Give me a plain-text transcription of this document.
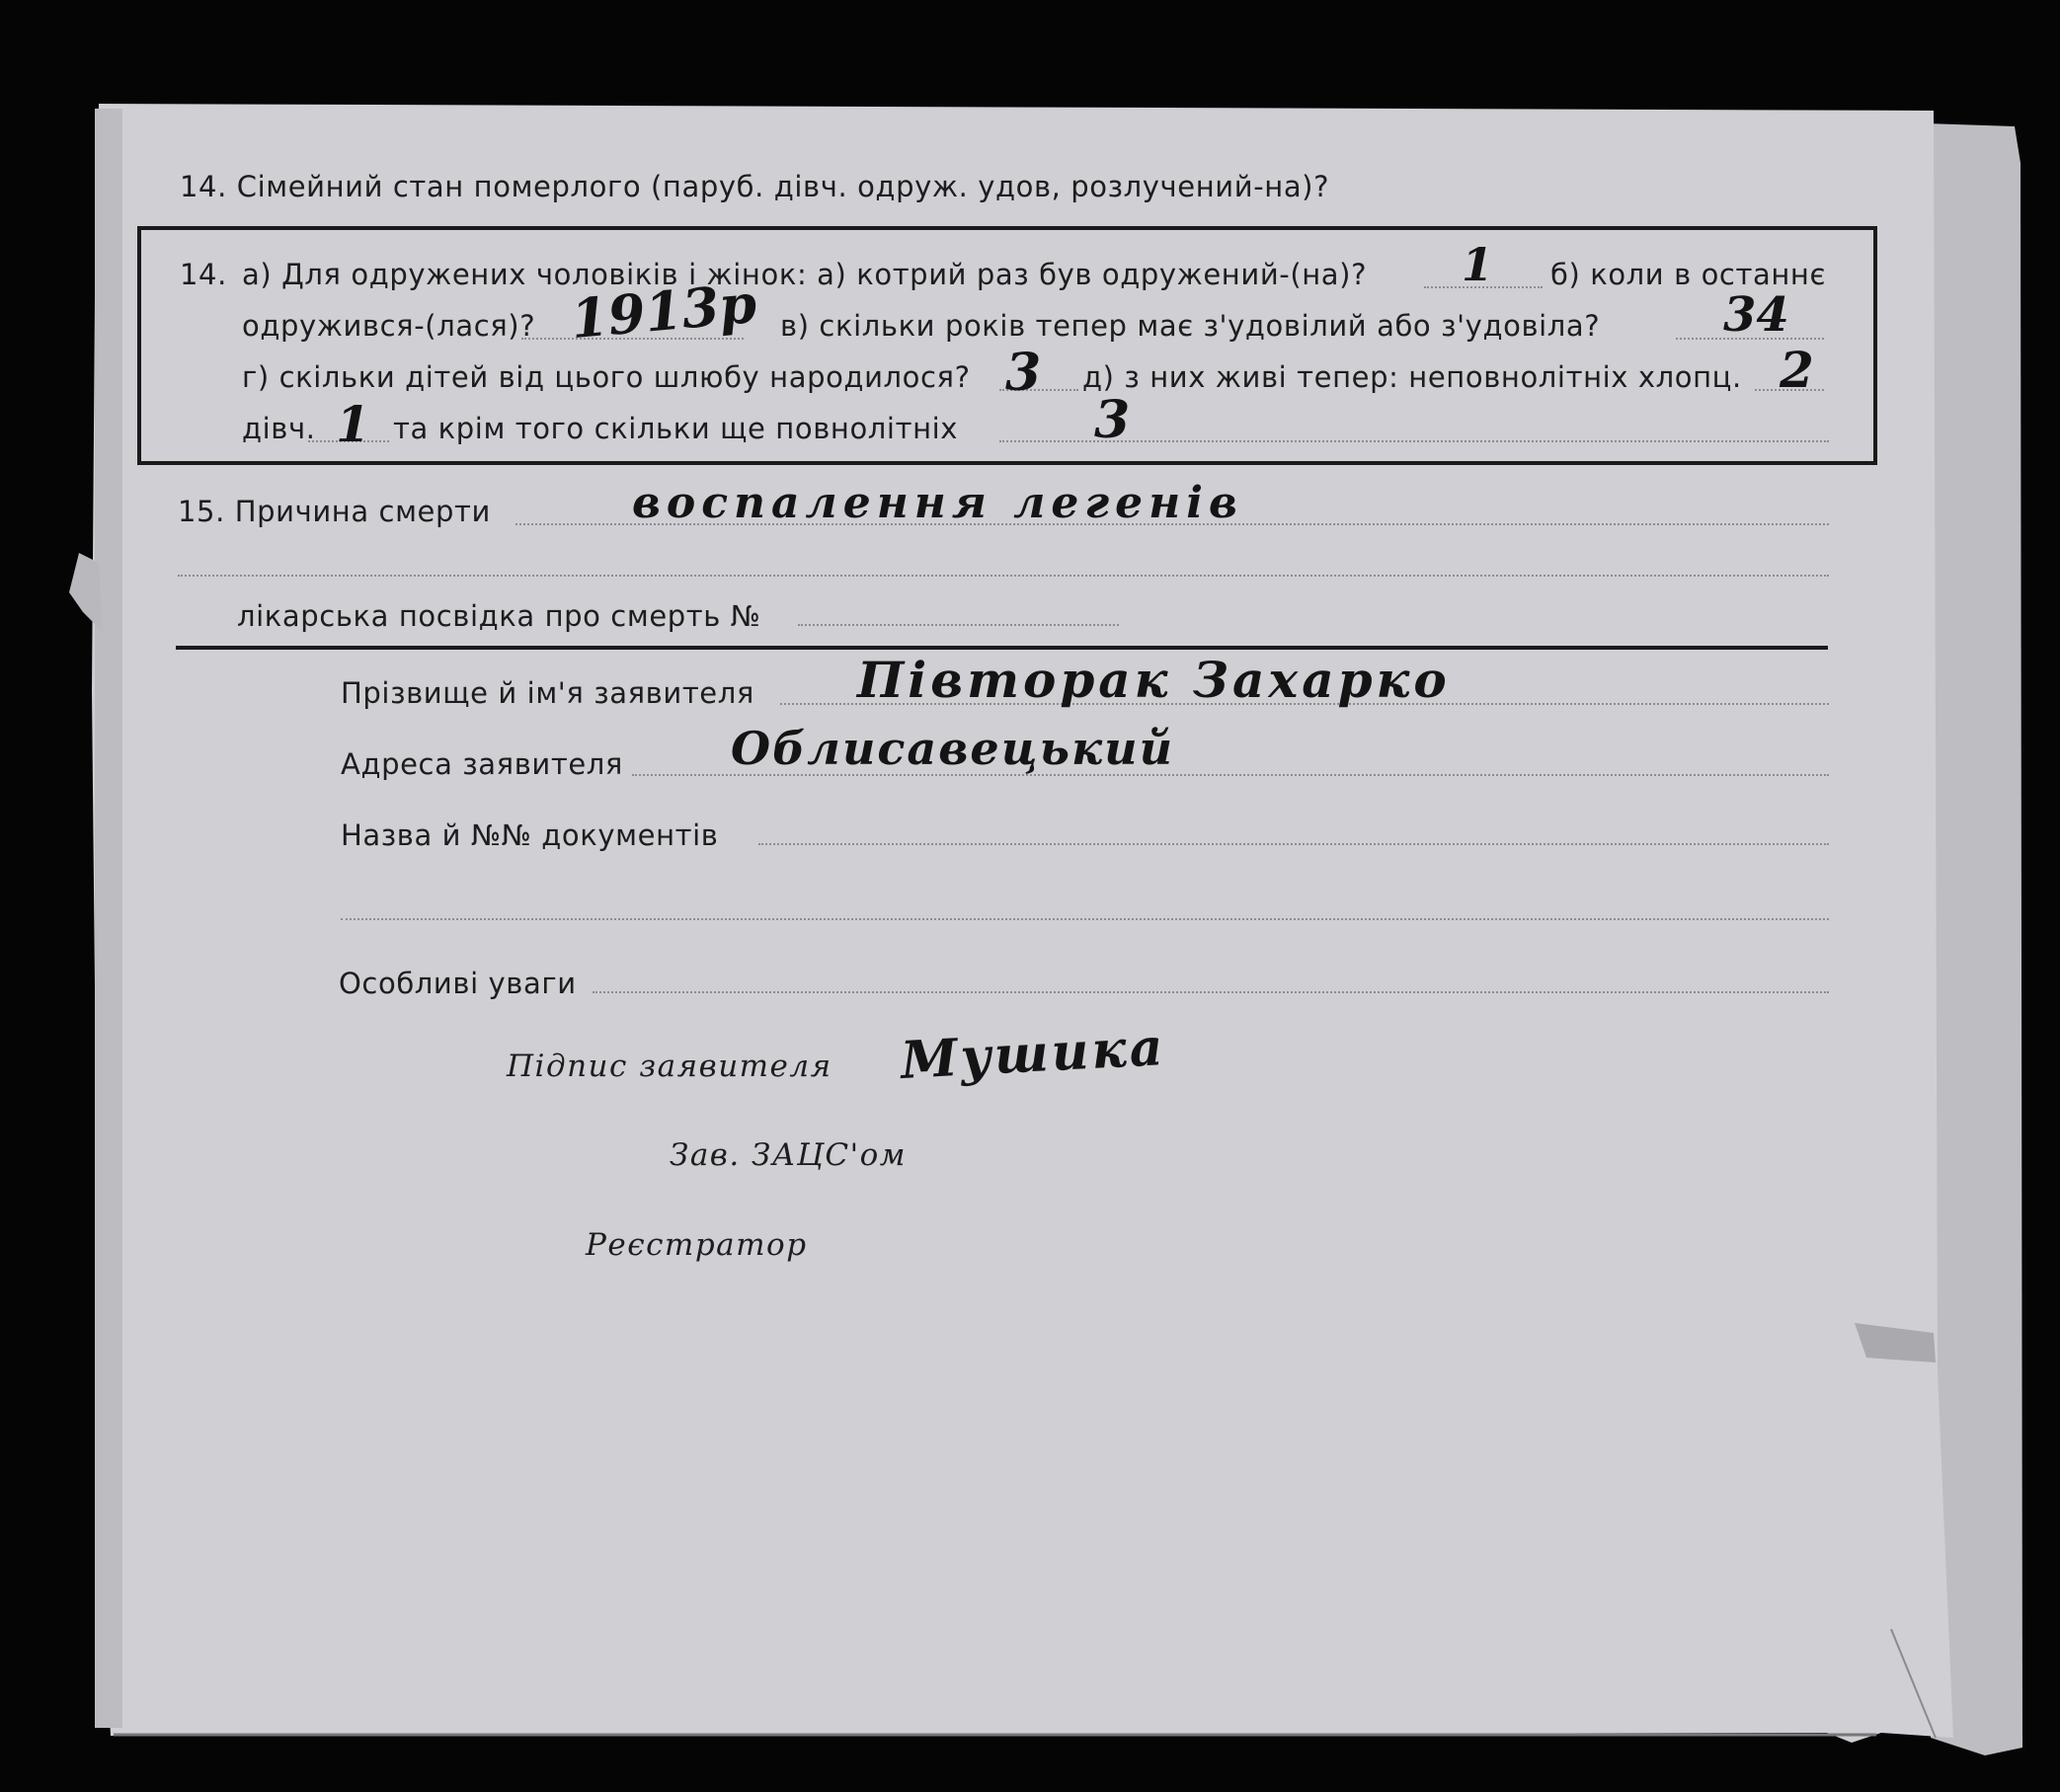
14. Сімейний стан померлого (паруб. дівч. одруж. удов, розлучений-на)?
14. а) Для одружених чоловіків і жінок: а) котрий раз був одружений-(на)? 1 б) коли в останнє
одружився-(лася)? 1913р в) скільки років тепер має з'удовілий або з'удовіла?	34
г) скільки дітей від цього шлюбу народилося? 3 д) з них живі тепер: неповнолітніх хлопц. 2
дівч. 1 та крім того скільки ще повнолітніх	3
15. Причина смерти	воспалення легенів
лікарська посвідка про смерть №
Прізвище й ім'я заявителя Півторак Захарко
Адреса заявителя Облисавецький
Назва й №№ документів
Особливі уваги
Підпис заявителя Мушика
Зав. ЗАЦС'ом
Реєстратор
